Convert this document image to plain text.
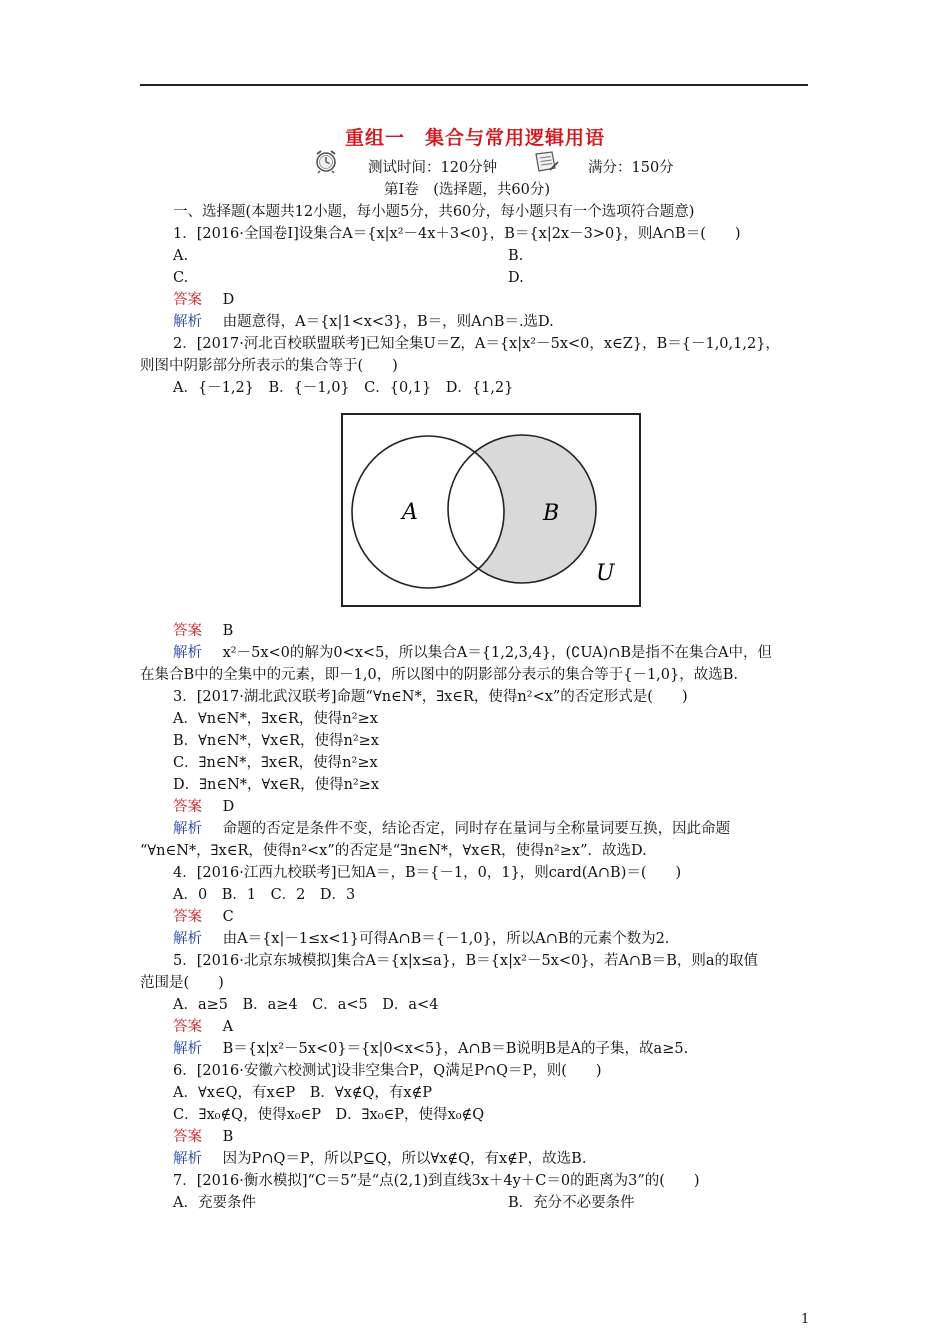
重组一　集合与常用逻辑用语
测试时间：120分钟	满分：150分
第Ⅰ卷　(选择题，共60分)
一、选择题(本题共12小题，每小题5分，共60分，每小题只有一个选项符合题意)
1．[2016·全国卷Ⅰ]设集合A＝{x|x²－4x＋3<0}，B＝{x|2x－3>0}，则A∩B＝(　　)
A.	B.
C.	D.
答案 D
解析 由题意得，A＝{x|1<x<3}，B＝，则A∩B＝.选D.
2．[2017·河北百校联盟联考]已知全集U＝Z，A＝{x|x²－5x<0，x∈Z}，B＝{－1,0,1,2}，
则图中阴影部分所表示的集合等于(　　)
A．{－1,2}　B．{－1,0}　C．{0,1}　D．{1,2}
A	B
U
答案 B
解析 x²－5x<0的解为0<x<5，所以集合A＝{1,2,3,4}，(∁UA)∩B是指不在集合A中，但
在集合B中的全集中的元素，即－1,0，所以图中的阴影部分表示的集合等于{－1,0}，故选B.
3．[2017·湖北武汉联考]命题“∀n∈N*，∃x∈R，使得n²<x”的否定形式是(　　)
A．∀n∈N*，∃x∈R，使得n²≥x
B．∀n∈N*，∀x∈R，使得n²≥x
C．∃n∈N*，∃x∈R，使得n²≥x
D．∃n∈N*，∀x∈R，使得n²≥x
答案 D
解析 命题的否定是条件不变，结论否定，同时存在量词与全称量词要互换，因此命题
“∀n∈N*，∃x∈R，使得n²<x”的否定是“∃n∈N*，∀x∈R，使得n²≥x”．故选D.
4．[2016·江西九校联考]已知A＝，B＝{－1，0，1}，则card(A∩B)＝(　　)
A．0　B．1　C．2　D．3
答案 C
解析 由A＝{x|－1≤x<1}可得A∩B＝{－1,0}，所以A∩B的元素个数为2.
5．[2016·北京东城模拟]集合A＝{x|x≤a}，B＝{x|x²－5x<0}，若A∩B＝B，则a的取值
范围是(　　)
A．a≥5　B．a≥4　C．a<5　D．a<4
答案 A
解析 B＝{x|x²－5x<0}＝{x|0<x<5}，A∩B＝B说明B是A的子集，故a≥5.
6．[2016·安徽六校测试]设非空集合P，Q满足P∩Q＝P，则(　　)
A．∀x∈Q，有x∈P　B．∀x∉Q，有x∉P
C．∃x₀∉Q，使得x₀∈P　D．∃x₀∈P，使得x₀∉Q
答案 B
解析 因为P∩Q＝P，所以P⊆Q，所以∀x∉Q，有x∉P，故选B.
7．[2016·衡水模拟]“C＝5”是“点(2,1)到直线3x＋4y＋C＝0的距离为3”的(　　)
A．充要条件	B．充分不必要条件
1
